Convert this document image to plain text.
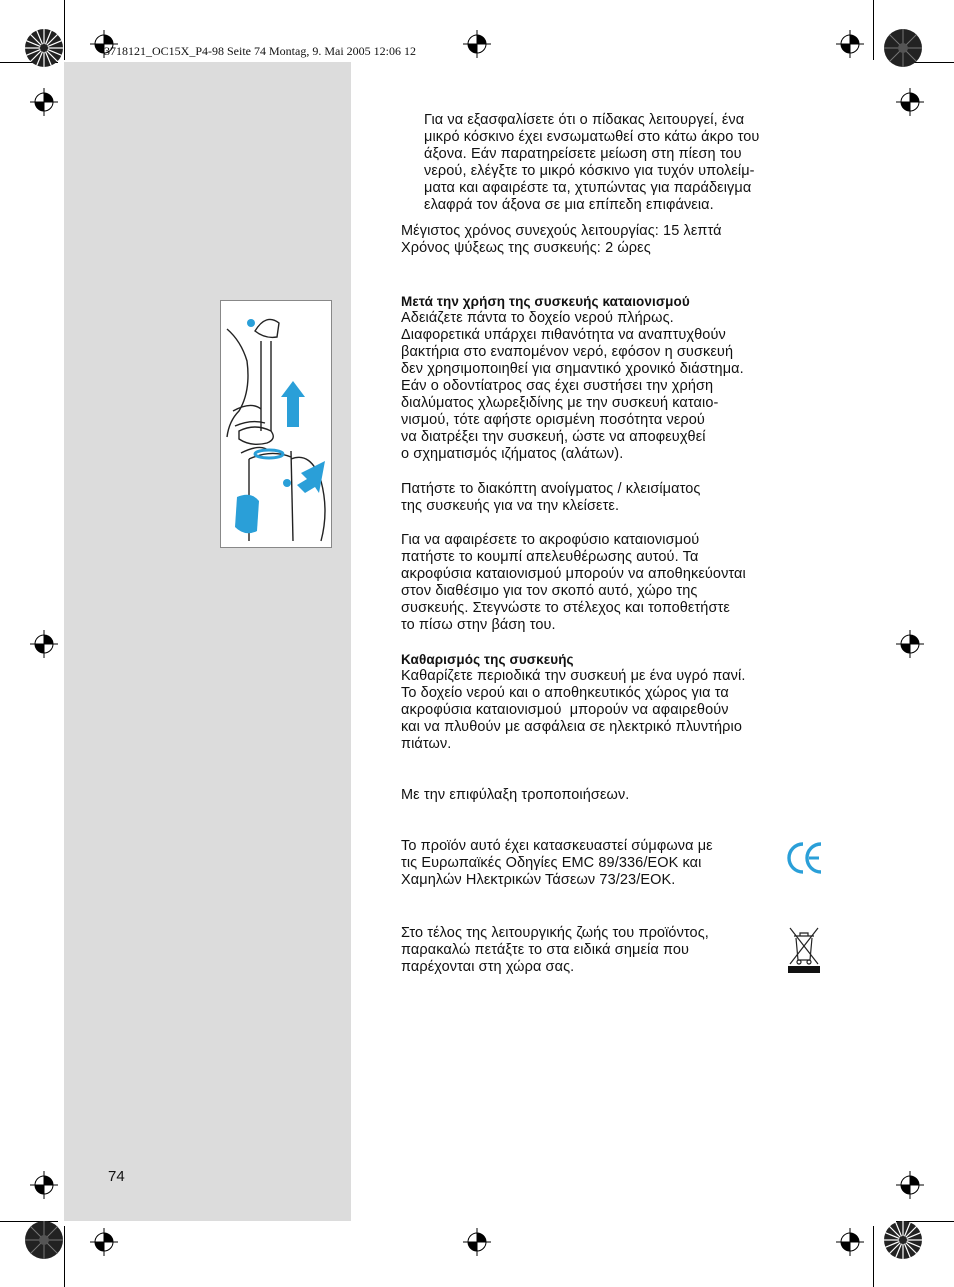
3718121_OC15X_P4-98 Seite 74 Montag, 9. Mai 2005 12:06 12
Για να εξασφαλίσετε ότι ο πίδακας λειτουργεί, ένα
μικρό κόσκινο έχει ενσωματωθεί στο κάτω άκρο του
άξονα. Εάν παρατηρείσετε μείωση στη πίεση του
νερού, ελέγξτε το μικρό κόσκινο για τυχόν υπολείμ-
ματα και αφαιρέστε τα, χτυπώντας για παράδειγμα
ελαφρά τον άξονα σε μια επίπεδη επιφάνεια.
Μέγιστος χρόνος συνεχούς λειτουργίας: 15 λεπτά
Χρόνος ψύξεως της συσκευής: 2 ώρες
Μετά την χρήση της συσκευής καταιονισμού
Αδειάζετε πάντα το δοχείο νερού πλήρως.
Διαφορετικά υπάρχει πιθανότητα να αναπτυχθούν
βακτήρια στο εναπομένον νερό, εφόσον η συσκευή
δεν χρησιμοποιηθεί για σημαντικό χρονικό διάστημα.
Εάν ο οδοντίατρος σας έχει συστήσει την χρήση
διαλύματος χλωρεξιδίνης με την συσκευή καταιο-
νισμού, τότε αφήστε ορισμένη ποσότητα νερού
να διατρέξει την συσκευή, ώστε να αποφευχθεί
ο σχηματισμός ιζήματος (αλάτων).
Πατήστε το διακόπτη ανοίγματος / κλεισίματος
της συσκευής για να την κλείσετε.
Για να αφαιρέσετε το ακροφύσιο καταιονισμού
πατήστε το κουμπί απελευθέρωσης αυτού. Τα
ακροφύσια καταιονισμού μπορούν να αποθηκεύονται
στον διαθέσιμο για τον σκοπό αυτό, χώρο της
συσκευής. Στεγνώστε το στέλεχος και τοποθετήστε
το πίσω στην βάση του.
Καθαρισμός της συσκευής
Καθαρίζετε περιοδικά την συσκευή με ένα υγρό πανί.
Το δοχείο νερού και ο αποθηκευτικός χώρος για τα
ακροφύσια καταιονισμού  μπορούν να αφαιρεθούν
και να πλυθούν με ασφάλεια σε ηλεκτρικό πλυντήριο
πιάτων.
Με την επιφύλαξη τροποποιήσεων.
Το προϊόν αυτό έχει κατασκευαστεί σύμφωνα με
τις Ευρωπαϊκές Οδηγίες EMC 89/336/EOK και
Χαμηλών Ηλεκτρικών Τάσεων 73/23/EOK.
Στο τέλος της λειτουργικής ζωής του προϊόντος,
παρακαλώ πετάξτε το στα ειδικά σημεία που
παρέχονται στη χώρα σας.
74
